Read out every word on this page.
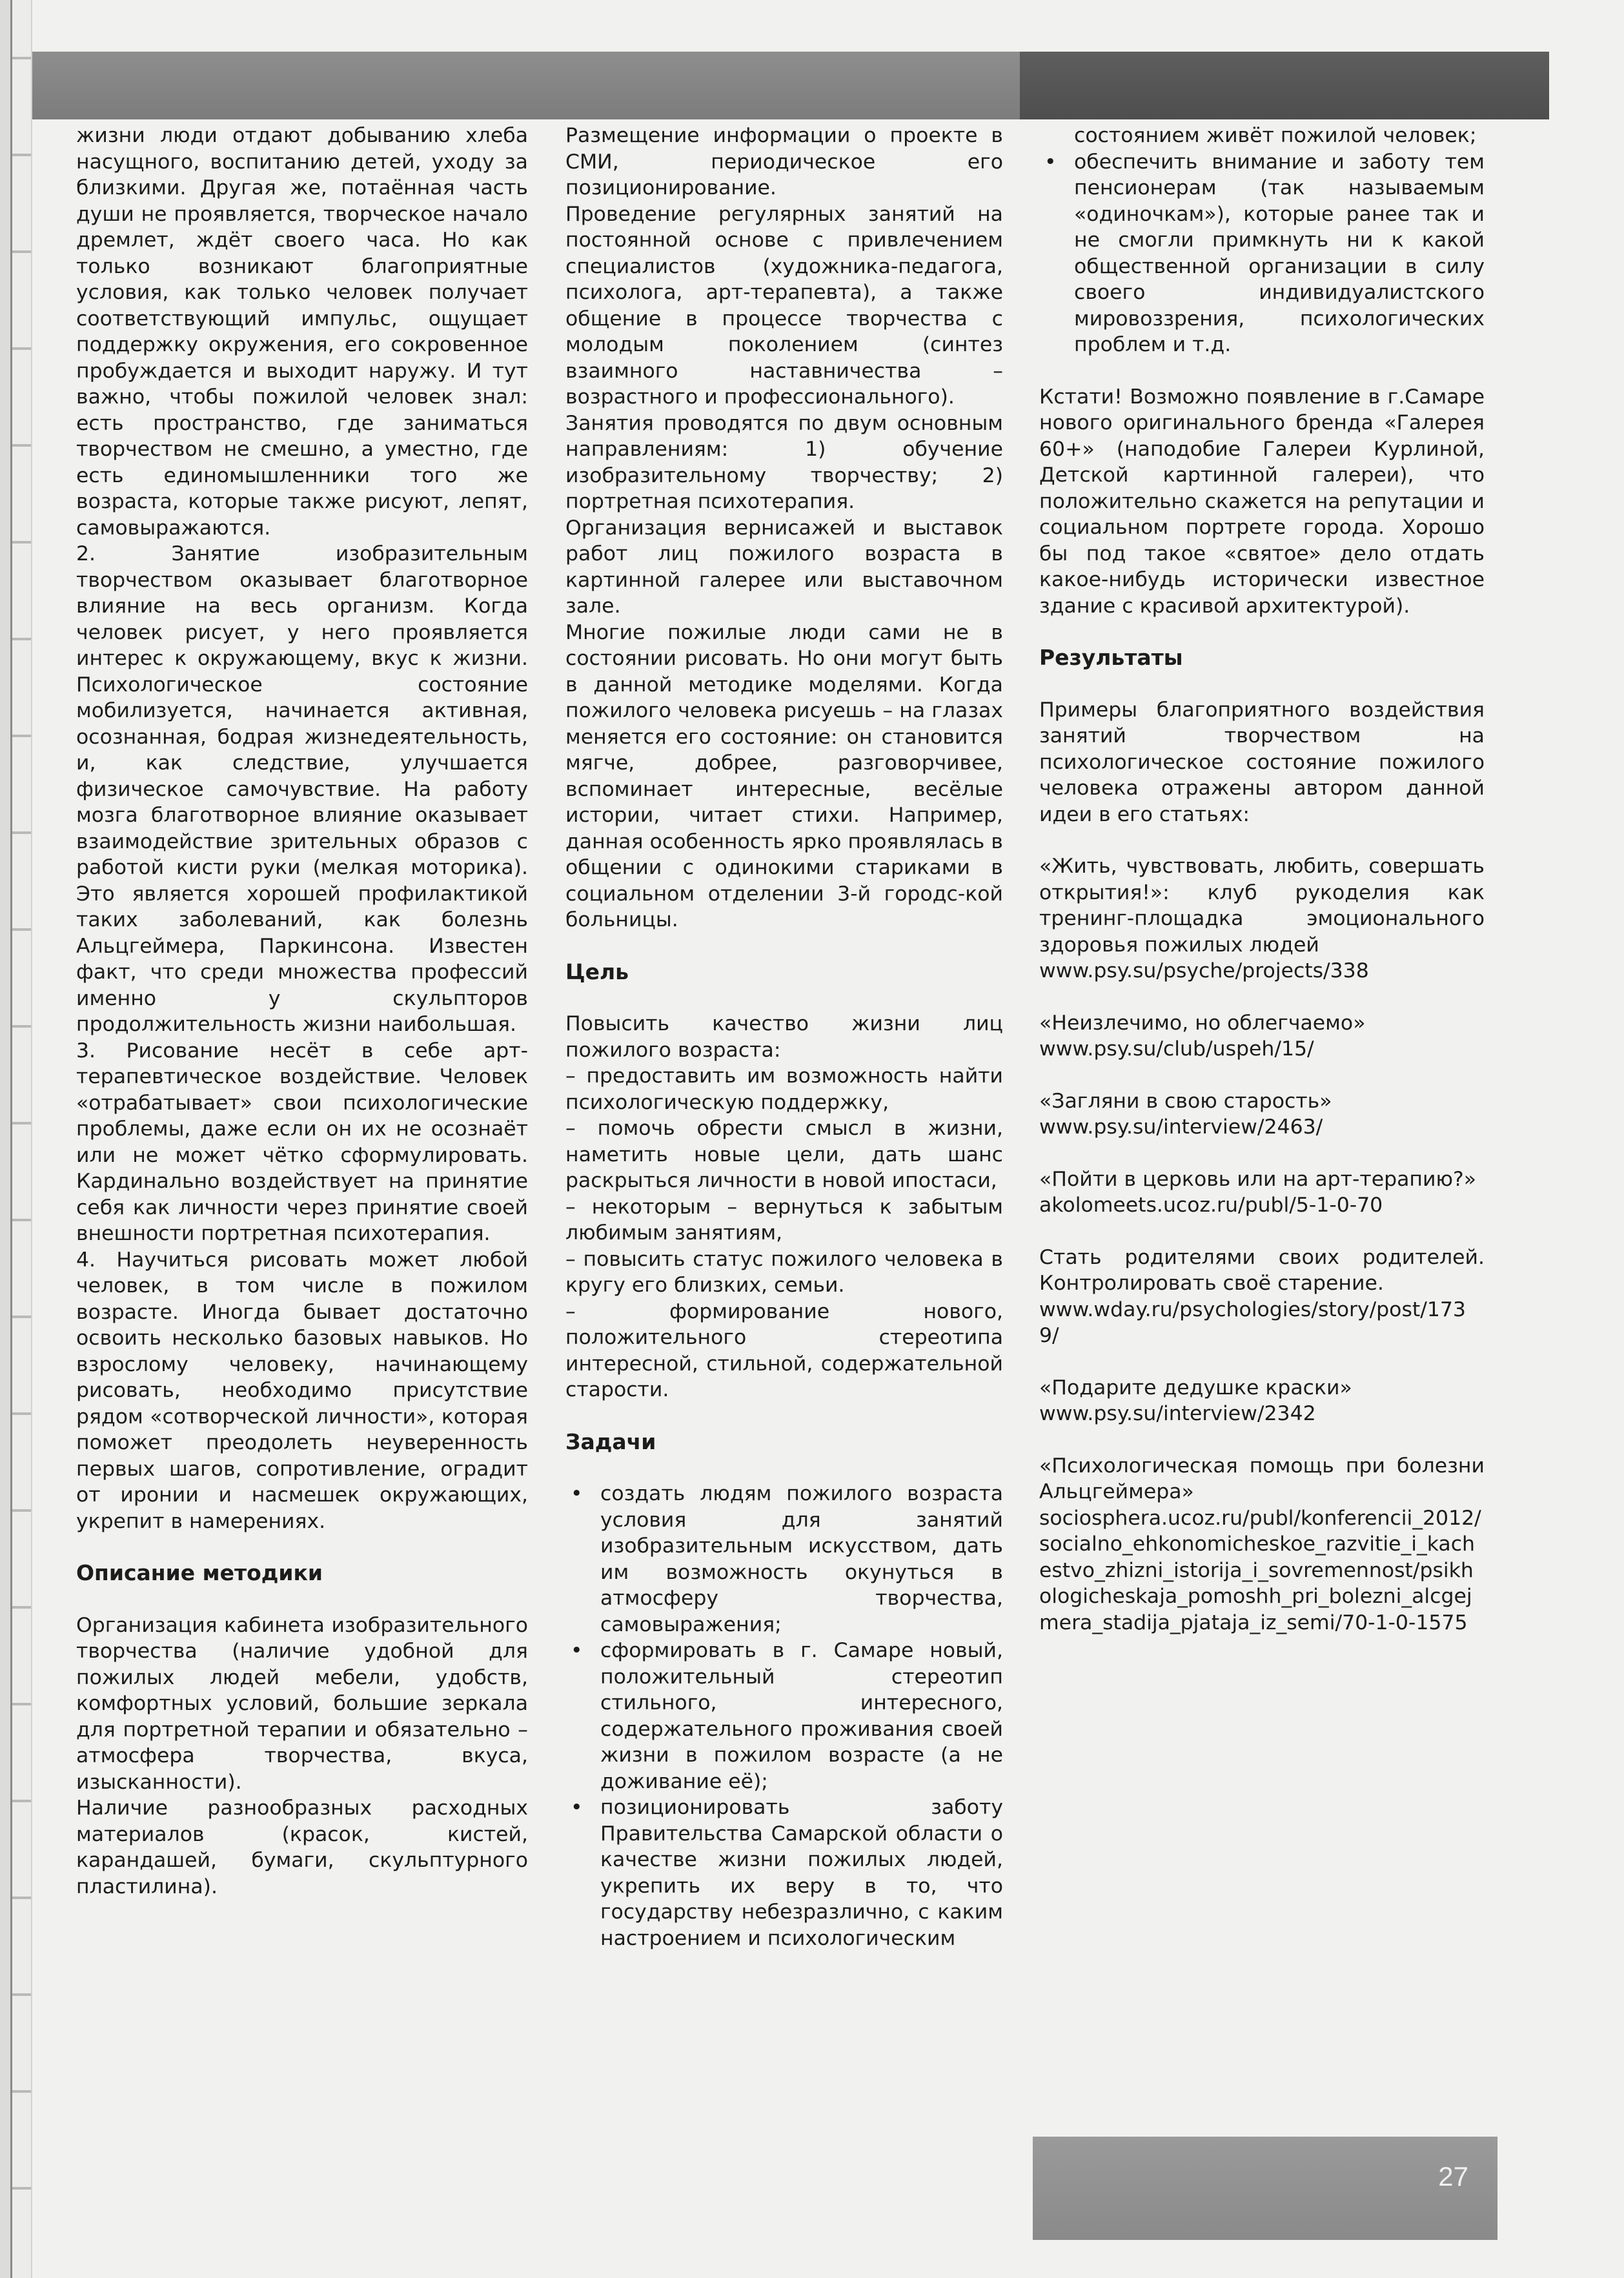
жизни люди отдают добыванию хлеба насущного, воспитанию детей, уходу за близкими. Другая же, потаённая часть души не проявляется, творческое начало дремлет, ждёт своего часа. Но как только возникают благоприятные условия, как только человек получает соответствующий импульс, ощущает поддержку окружения, его сокровенное пробуждается и выходит наружу. И тут важно, чтобы пожилой человек знал: есть пространство, где заниматься творчеством не смешно, а уместно, где есть единомышленники того же возраста, которые также рисуют, лепят, самовыражаются.

2. Занятие изобразительным творчеством оказывает благотворное влияние на весь организм. Когда человек рисует, у него проявляется интерес к окружающему, вкус к жизни. Психологическое состояние мобилизуется, начинается активная, осознанная, бодрая жизнедеятельность, и, как следствие, улучшается физическое самочувствие. На работу мозга благотворное влияние оказывает взаимодействие зрительных образов с работой кисти руки (мелкая моторика). Это является хорошей профилактикой таких заболеваний, как болезнь Альцгеймера, Паркинсона. Известен факт, что среди множества профессий именно у скульпторов продолжительность жизни наибольшая.

3. Рисование несёт в себе арт-терапевтическое воздействие. Человек «отрабатывает» свои психологические проблемы, даже если он их не осознаёт или не может чётко сформулировать. Кардинально воздействует на принятие себя как личности через принятие своей внешности портретная психотерапия.

4. Научиться рисовать может любой человек, в том числе в пожилом возрасте. Иногда бывает достаточно освоить несколько базовых навыков. Но взрослому человеку, начинающему рисовать, необходимо присутствие рядом «сотворческой личности», которая поможет преодолеть неуверенность первых шагов, сопротивление, оградит от иронии и насмешек окружающих, укрепит в намерениях.

Описание методики

Организация кабинета изобразительного творчества (наличие удобной для пожилых людей мебели, удобств, комфортных условий, большие зеркала для портретной терапии и обязательно – атмосфера творчества, вкуса, изысканности).

Наличие разнообразных расходных материалов (красок, кистей, карандашей, бумаги, скульптурного пластилина).

Размещение информации о проекте в СМИ, периодическое его позиционирование.

Проведение регулярных занятий на постоянной основе с привлечением специалистов (художника-педагога, психолога, арт-терапевта), а также общение в процессе творчества с молодым поколением (синтез взаимного наставничества – возрастного и профессионального).

Занятия проводятся по двум основным направлениям: 1) обучение изобразительному творчеству; 2) портретная психотерапия.

Организация вернисажей и выставок работ лиц пожилого возраста в картинной галерее или выставочном зале.

Многие пожилые люди сами не в состоянии рисовать. Но они могут быть в данной методике моделями. Когда пожилого человека рисуешь – на глазах меняется его состояние: он становится мягче, добрее, разговорчивее, вспоминает интересные, весёлые истории, читает стихи. Например, данная особенность ярко проявлялась в общении с одинокими стариками в социальном отделении 3-й городс-кой больницы.

Цель

Повысить качество жизни лиц пожилого возраста:

– предоставить им возможность найти психологическую поддержку,

– помочь обрести смысл в жизни, наметить новые цели, дать шанс раскрыться личности в новой ипостаси,

– некоторым – вернуться к забытым любимым занятиям,

– повысить статус пожилого человека в кругу его близких, семьи.

– формирование нового, положительного стереотипа интересной, стильной, содержательной старости.

Задачи

• создать людям пожилого возраста условия для занятий изобразительным искусством, дать им возможность окунуться в атмосферу творчества, самовыражения;
• сформировать в г. Самаре новый, положительный стереотип стильного, интересного, содержательного проживания своей жизни в пожилом возрасте (а не доживание её);
• позиционировать заботу Правительства Самарской области о качестве жизни пожилых людей, укрепить их веру в то, что государству небезразлично, с каким настроением и психологическим
состоянием живёт пожилой человек;
• обеспечить внимание и заботу тем пенсионерам (так называемым «одиночкам»), которые ранее так и не смогли примкнуть ни к какой общественной организации в силу своего индивидуалистского мировоззрения, психологических проблем и т.д.

Кстати! Возможно появление в г.Самаре нового оригинального бренда «Галерея 60+» (наподобие Галереи Курлиной, Детской картинной галереи), что положительно скажется на репутации и социальном портрете города. Хорошо бы под такое «святое» дело отдать какое-нибудь исторически известное здание с красивой архитектурой).

Результаты

Примеры благоприятного воздействия занятий творчеством на психологическое состояние пожилого человека отражены автором данной идеи в его статьях:

«Жить, чувствовать, любить, совершать открытия!»: клуб рукоделия как тренинг-площадка эмоционального здоровья пожилых людей

www.psy.su/psyche/projects/338

«Неизлечимо, но облегчаемо»

www.psy.su/club/uspeh/15/

«Загляни в свою старость»

www.psy.su/interview/2463/

«Пойти в церковь или на арт-терапию?»

akolomeets.ucoz.ru/publ/5-1-0-70

Стать родителями своих родителей. Контролировать своё старение.

www.wday.ru/psychologies/story/post/1739/

«Подарите дедушке краски»

www.psy.su/interview/2342

«Психологическая помощь при болезни Альцгеймера»

sociosphera.ucoz.ru/publ/konferencii_2012/socialno_ehkonomicheskoe_razvitie_i_kachestvo_zhizni_istorija_i_sovremennost/psikhologicheskaja_pomoshh_pri_bolezni_alcgejmera_stadija_pjataja_iz_semi/70-1-0-1575

27
